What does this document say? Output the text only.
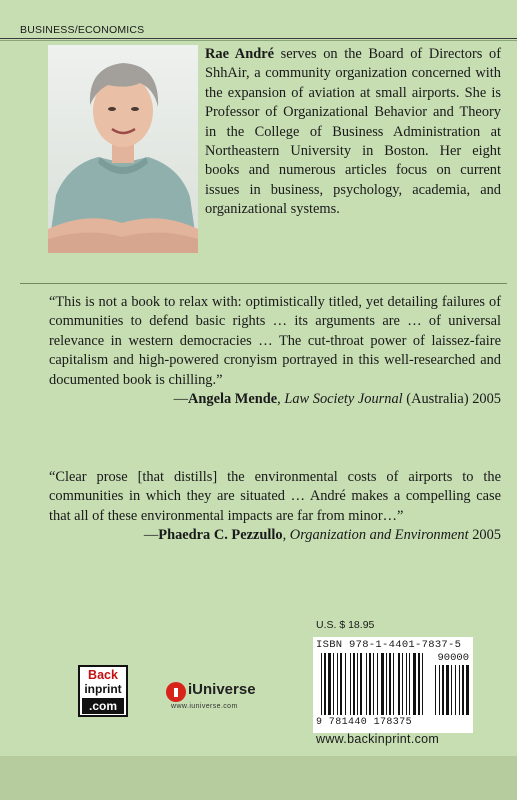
BUSINESS/ECONOMICS
Rae André serves on the Board of Directors of ShhAir, a community organization concerned with the expansion of aviation at small airports. She is Professor of Organizational Behavior and Theory in the College of Business Administration at Northeastern University in Boston. Her eight books and numerous articles focus on current issues in business, psychology, academia, and organizational systems.
“This is not a book to relax with: optimistically titled, yet detailing failures of communities to defend basic rights … its arguments are … of universal relevance in western democracies … The cut-throat power of laissez-faire capitalism and high-powered cronyism portrayed in this well-researched and documented book is chilling.”

—Angela Mende, Law Society Journal (Australia) 2005

“Clear prose [that distills] the environmental costs of airports to the communities in which they are situated … André makes a compelling case that all of these environmental impacts are far from minor…”

—Phaedra C. Pezzullo, Organization and Environment 2005

U.S. $ 18.95
ISBN 978-1-4401-7837-5
90000
9 781440 178375
www.backinprint.com
Back
inprint
.com
iUniverse
www.iuniverse.com
